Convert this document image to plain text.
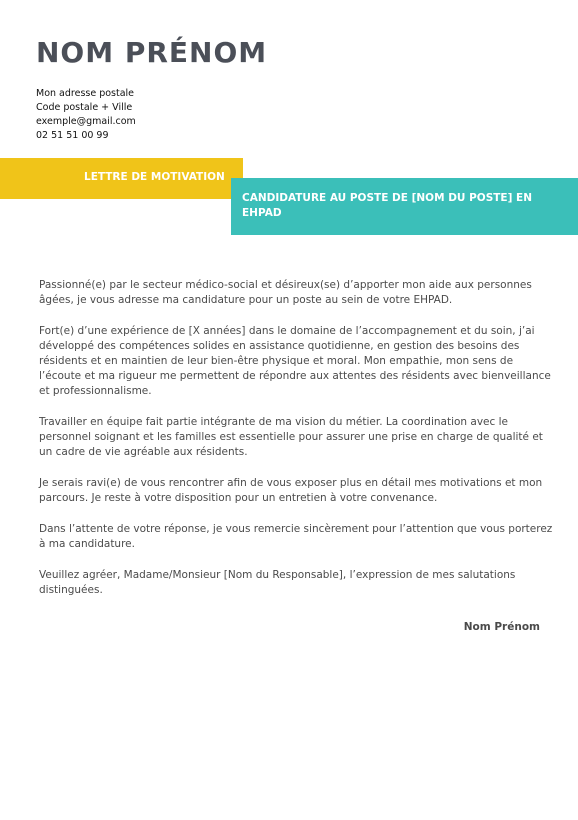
NOM PRÉNOM
Mon adresse postale
Code postale + Ville
exemple@gmail.com
02 51 51 00 99
LETTRE DE MOTIVATION
CANDIDATURE AU POSTE DE [NOM DU POSTE] EN EHPAD

Passionné(e) par le secteur médico-social et désireux(se) d’apporter mon aide aux personnes âgées, je vous adresse ma candidature pour un poste au sein de votre EHPAD.

Fort(e) d’une expérience de [X années] dans le domaine de l’accompagnement et du soin, j’ai développé des compétences solides en assistance quotidienne, en gestion des besoins des résidents et en maintien de leur bien-être physique et moral. Mon empathie, mon sens de l’écoute et ma rigueur me permettent de répondre aux attentes des résidents avec bienveillance et professionnalisme.

Travailler en équipe fait partie intégrante de ma vision du métier. La coordination avec le personnel soignant et les familles est essentielle pour assurer une prise en charge de qualité et un cadre de vie agréable aux résidents.

Je serais ravi(e) de vous rencontrer afin de vous exposer plus en détail mes motivations et mon parcours. Je reste à votre disposition pour un entretien à votre convenance.

Dans l’attente de votre réponse, je vous remercie sincèrement pour l’attention que vous porterez à ma candidature.

Veuillez agréer, Madame/Monsieur [Nom du Responsable], l’expression de mes salutations distinguées.

Nom Prénom
